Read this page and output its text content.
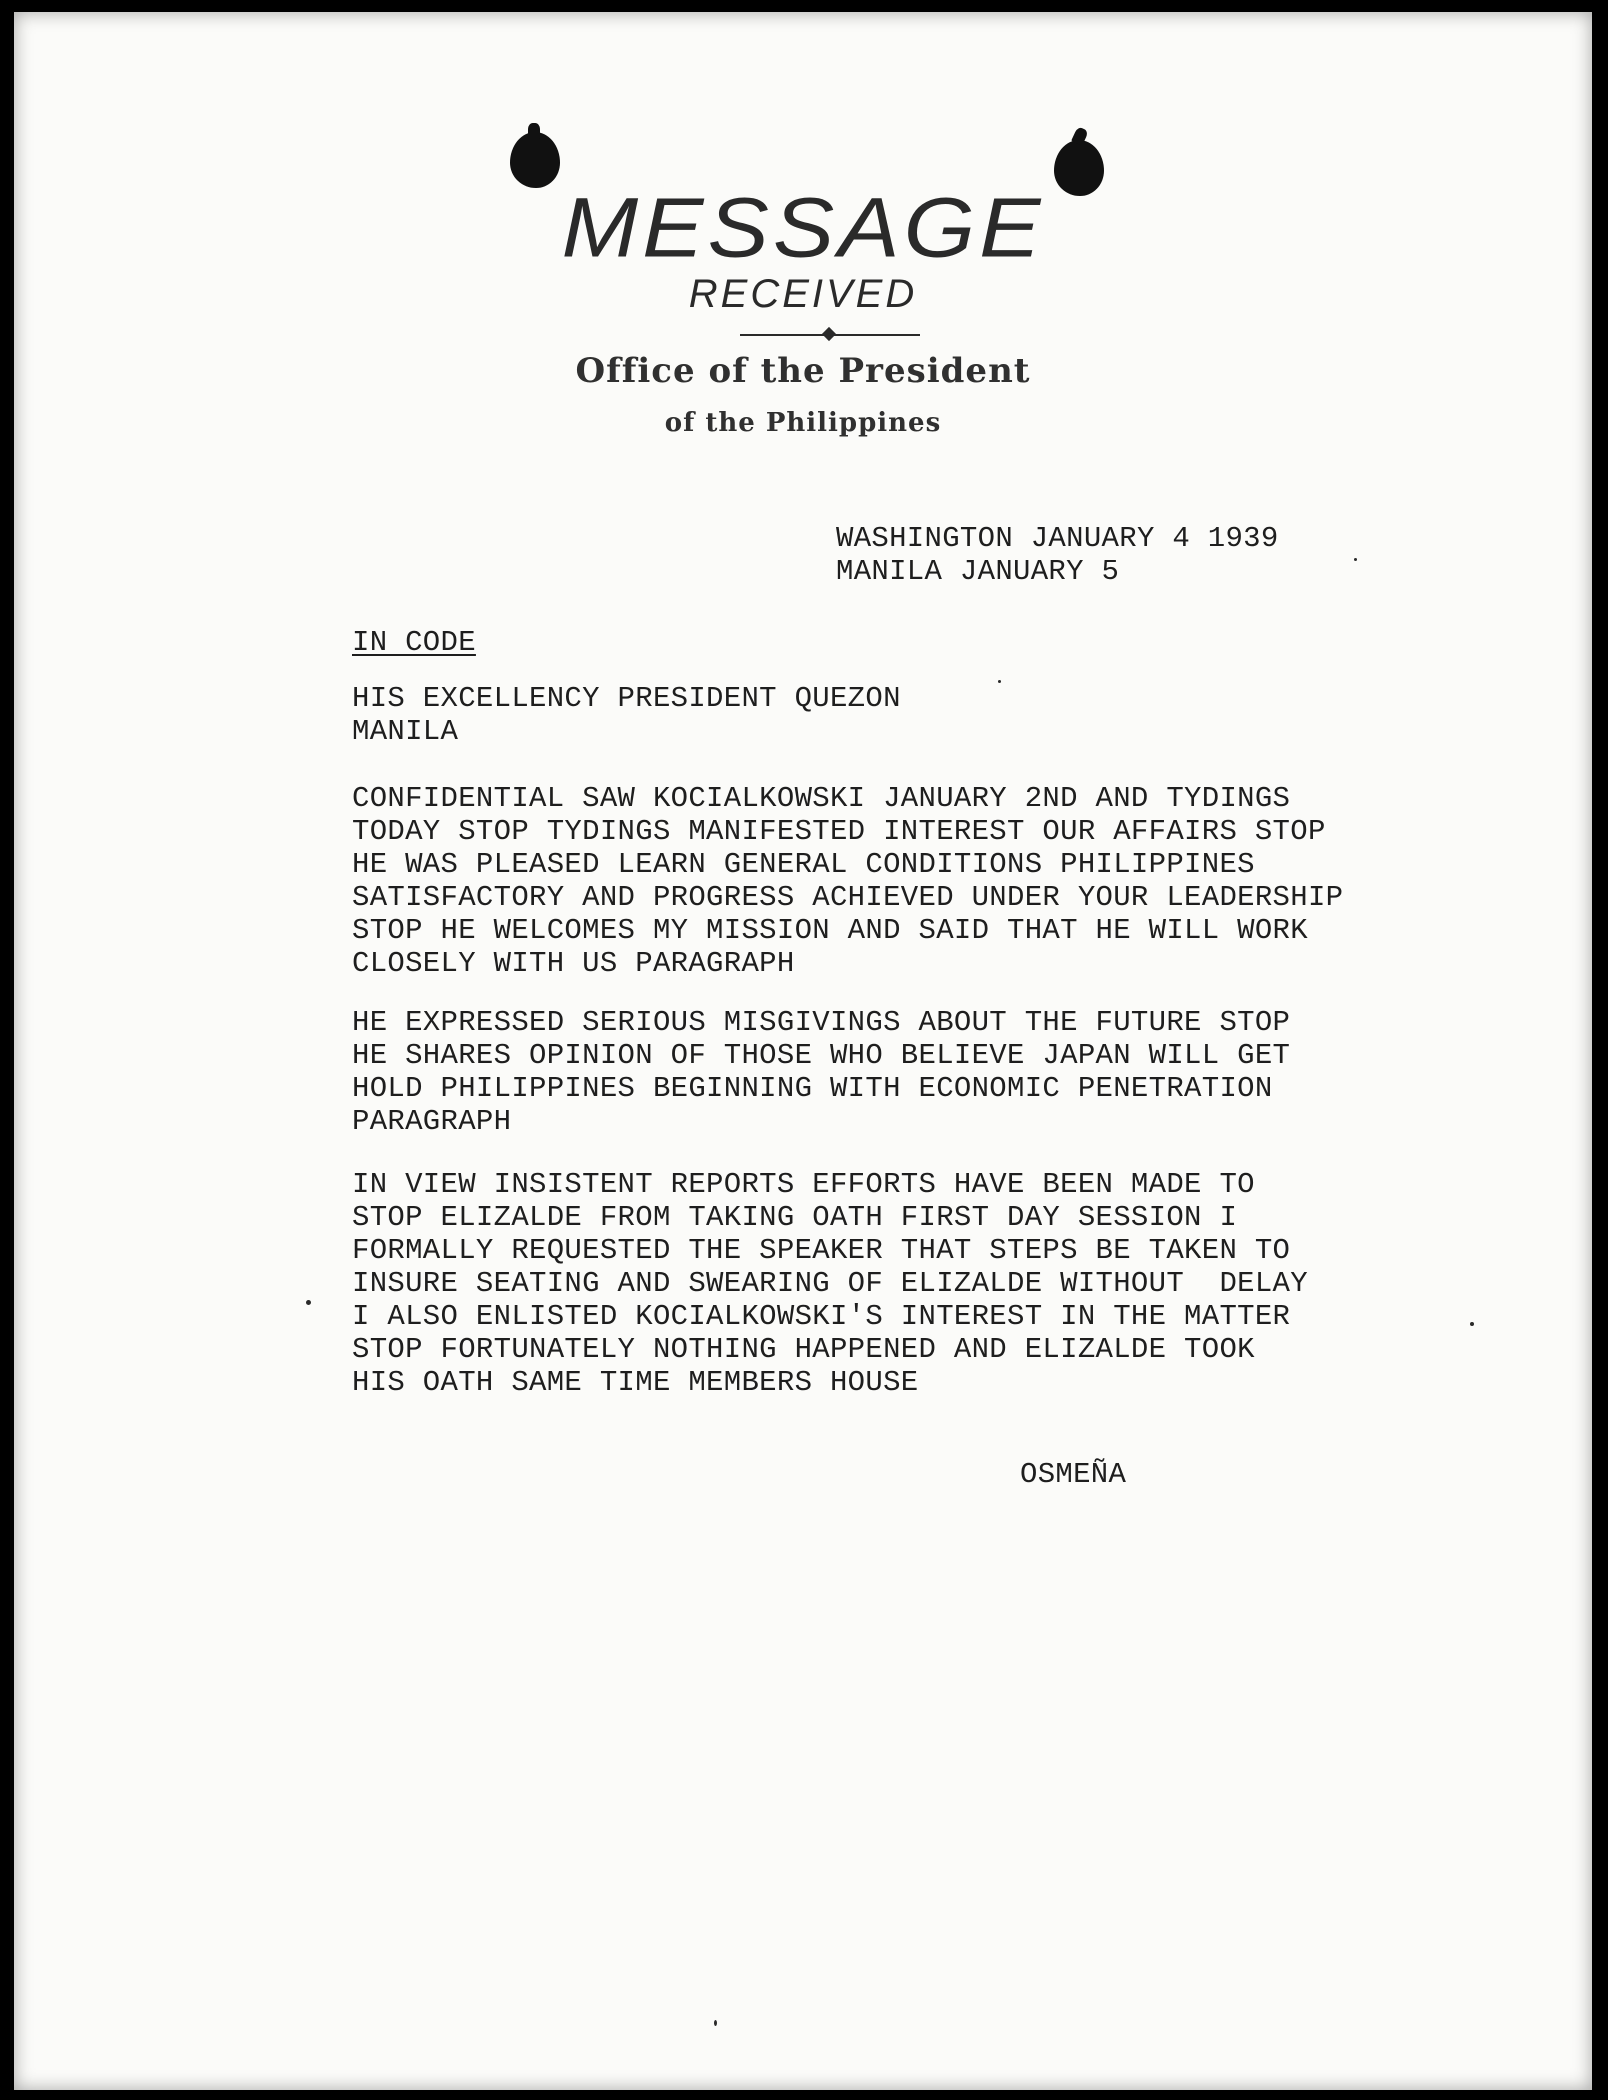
MESSAGE
RECEIVED
Office of the President
of the Philippines
WASHINGTON JANUARY 4 1939
MANILA JANUARY 5
IN CODE
HIS EXCELLENCY PRESIDENT QUEZON
MANILA
CONFIDENTIAL SAW KOCIALKOWSKI JANUARY 2ND AND TYDINGS
TODAY STOP TYDINGS MANIFESTED INTEREST OUR AFFAIRS STOP
HE WAS PLEASED LEARN GENERAL CONDITIONS PHILIPPINES
SATISFACTORY AND PROGRESS ACHIEVED UNDER YOUR LEADERSHIP
STOP HE WELCOMES MY MISSION AND SAID THAT HE WILL WORK
CLOSELY WITH US PARAGRAPH
HE EXPRESSED SERIOUS MISGIVINGS ABOUT THE FUTURE STOP
HE SHARES OPINION OF THOSE WHO BELIEVE JAPAN WILL GET
HOLD PHILIPPINES BEGINNING WITH ECONOMIC PENETRATION
PARAGRAPH
IN VIEW INSISTENT REPORTS EFFORTS HAVE BEEN MADE TO
STOP ELIZALDE FROM TAKING OATH FIRST DAY SESSION I
FORMALLY REQUESTED THE SPEAKER THAT STEPS BE TAKEN TO
INSURE SEATING AND SWEARING OF ELIZALDE WITHOUT  DELAY
I ALSO ENLISTED KOCIALKOWSKI'S INTEREST IN THE MATTER
STOP FORTUNATELY NOTHING HAPPENED AND ELIZALDE TOOK
HIS OATH SAME TIME MEMBERS HOUSE
OSMEÑA
